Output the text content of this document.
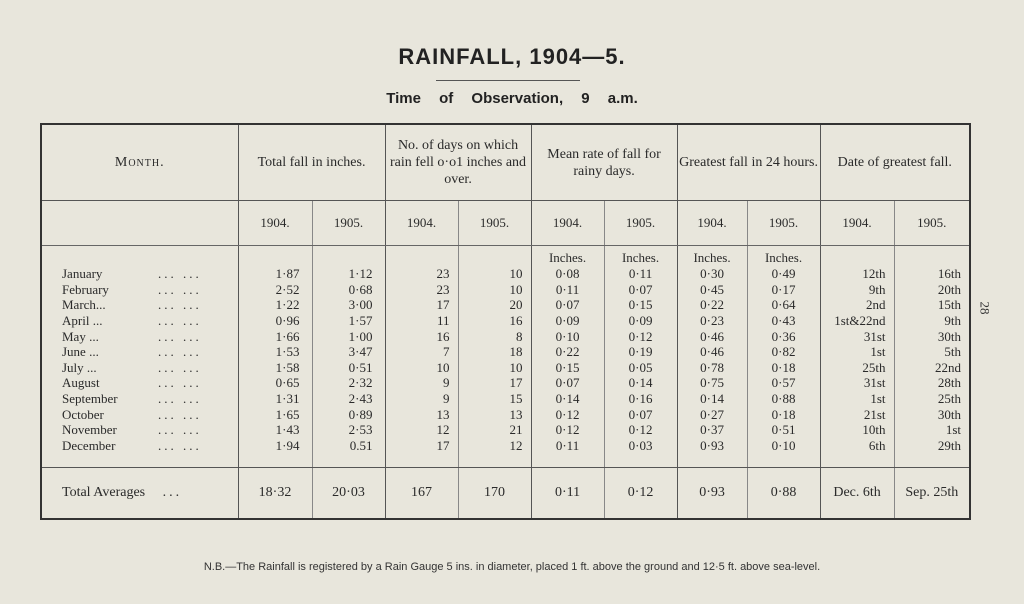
RAINFALL, 1904—5.
Time of Observation, 9 a.m.
28
Month.	Total fall in inches.		No. of days on which rain fell o·o1 inches and over.		Mean rate of fall for rainy days.		Greatest fall in 24 hours.		Date of greatest fall.	
	1904.	1905.	1904.	1905.	1904.	1905.	1904.	1905.	1904.	1905.
					Inches.	Inches.	Inches.	Inches.		
January ... ...	1·87	1·12	23	10	0·08	0·11	0·30	0·49	12th	16th
February ... ...	2·52	0·68	23	10	0·11	0·07	0·45	0·17	9th	20th
March... ... ...	1·22	3·00	17	20	0·07	0·15	0·22	0·64	2nd	15th
April ... ... ...	0·96	1·57	11	16	0·09	0·09	0·23	0·43	1st&22nd	9th
May ... ... ...	1·66	1·00	16	8	0·10	0·12	0·46	0·36	31st	30th
June ... ... ...	1·53	3·47	7	18	0·22	0·19	0·46	0·82	1st	5th
July ... ... ...	1·58	0·51	10	10	0·15	0·05	0·78	0·18	25th	22nd
August ... ...	0·65	2·32	9	17	0·07	0·14	0·75	0·57	31st	28th
September ... ...	1·31	2·43	9	15	0·14	0·16	0·14	0·88	1st	25th
October ... ...	1·65	0·89	13	13	0·12	0·07	0·27	0·18	21st	30th
November ... ...	1·43	2·53	12	21	0·12	0·12	0·37	0·51	10th	1st
December ... ...	1·94	0.51	17	12	0·11	0·03	0·93	0·10	6th	29th

Total Averages ...	18·32	20·03	167	170	0·11	0·12	0·93	0·88	Dec. 6th	Sep. 25th
N.B.—The Rainfall is registered by a Rain Gauge 5 ins. in diameter, placed 1 ft. above the ground and 12·5 ft. above sea-level.
